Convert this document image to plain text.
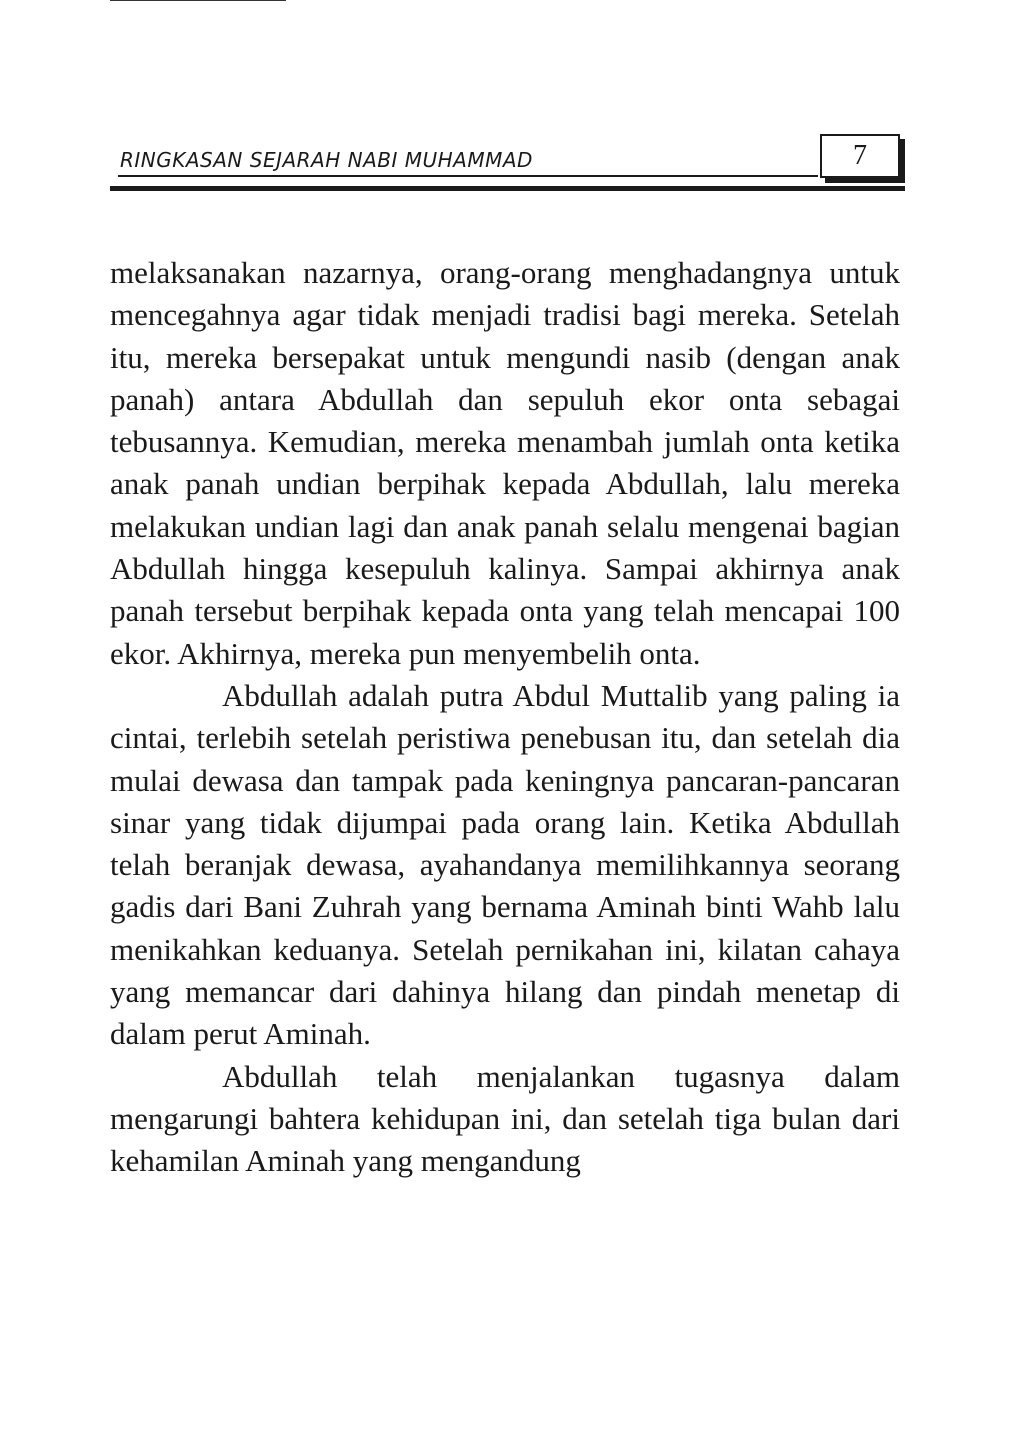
RINGKASAN SEJARAH NABI MUHAMMAD	7

melaksanakan nazarnya, orang-orang menghadangnya untuk mencegahnya agar tidak menjadi tradisi bagi mereka. Setelah itu, mereka bersepakat untuk mengundi nasib (dengan anak panah) antara Abdullah dan sepuluh ekor onta sebagai tebusannya. Kemudian, mereka menambah jumlah onta ketika anak panah undian berpihak kepada Abdullah, lalu mereka melakukan undian lagi dan anak panah selalu mengenai bagian Abdullah hingga kesepuluh kalinya. Sampai akhirnya anak panah tersebut berpihak kepada onta yang telah mencapai 100 ekor. Akhirnya, mereka pun menyembelih onta.

Abdullah adalah putra Abdul Muttalib yang paling ia cintai, terlebih setelah peristiwa penebusan itu, dan setelah dia mulai dewasa dan tampak pada keningnya pancaran-pancaran sinar yang tidak dijumpai pada orang lain. Ketika Abdullah telah beranjak dewasa, ayahandanya memilihkannya seorang gadis dari Bani Zuhrah yang bernama Aminah binti Wahb lalu menikahkan keduanya. Setelah pernikahan ini, kilatan cahaya yang memancar dari dahinya hilang dan pindah menetap di dalam perut Aminah.

Abdullah telah menjalankan tugasnya dalam mengarungi bahtera kehidupan ini, dan setelah tiga bulan dari kehamilan Aminah yang mengandung
